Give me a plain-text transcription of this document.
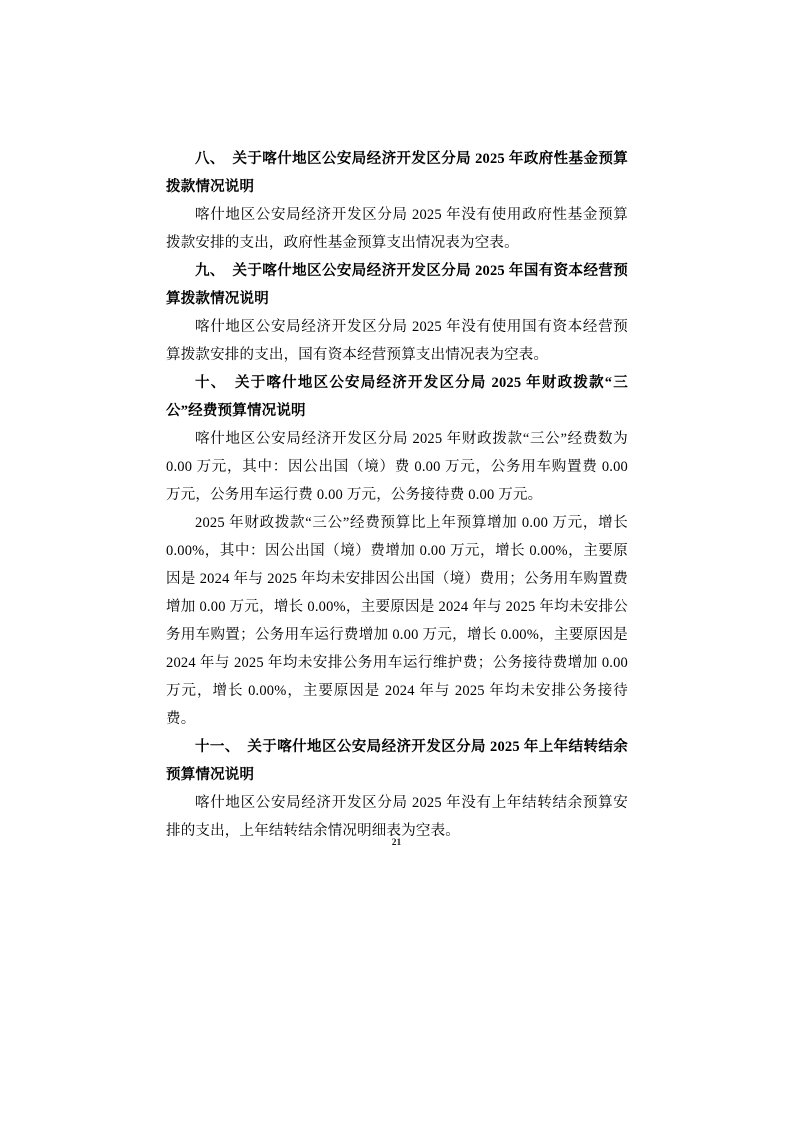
八、　关于喀什地区公安局经济开发区分局 2025 年政府性基金预算拨款情况说明

喀什地区公安局经济开发区分局 2025 年没有使用政府性基金预算拨款安排的支出，政府性基金预算支出情况表为空表。

九、　关于喀什地区公安局经济开发区分局 2025 年国有资本经营预算拨款情况说明

喀什地区公安局经济开发区分局 2025 年没有使用国有资本经营预算拨款安排的支出，国有资本经营预算支出情况表为空表。

十、　关于喀什地区公安局经济开发区分局 2025 年财政拨款“三公”经费预算情况说明

喀什地区公安局经济开发区分局 2025 年财政拨款“三公”经费数为 0.00 万元，其中：因公出国（境）费 0.00 万元，公务用车购置费 0.00 万元，公务用车运行费 0.00 万元，公务接待费 0.00 万元。

2025 年财政拨款“三公”经费预算比上年预算增加 0.00 万元，增长 0.00%，其中：因公出国（境）费增加 0.00 万元，增长 0.00%，主要原因是 2024 年与 2025 年均未安排因公出国（境）费用；公务用车购置费增加 0.00 万元，增长 0.00%，主要原因是 2024 年与 2025 年均未安排公务用车购置；公务用车运行费增加 0.00 万元，增长 0.00%，主要原因是 2024 年与 2025 年均未安排公务用车运行维护费；公务接待费增加 0.00 万元，增长 0.00%，主要原因是 2024 年与 2025 年均未安排公务接待费。

十一、　关于喀什地区公安局经济开发区分局 2025 年上年结转结余预算情况说明

喀什地区公安局经济开发区分局 2025 年没有上年结转结余预算安排的支出，上年结转结余情况明细表为空表。

21
